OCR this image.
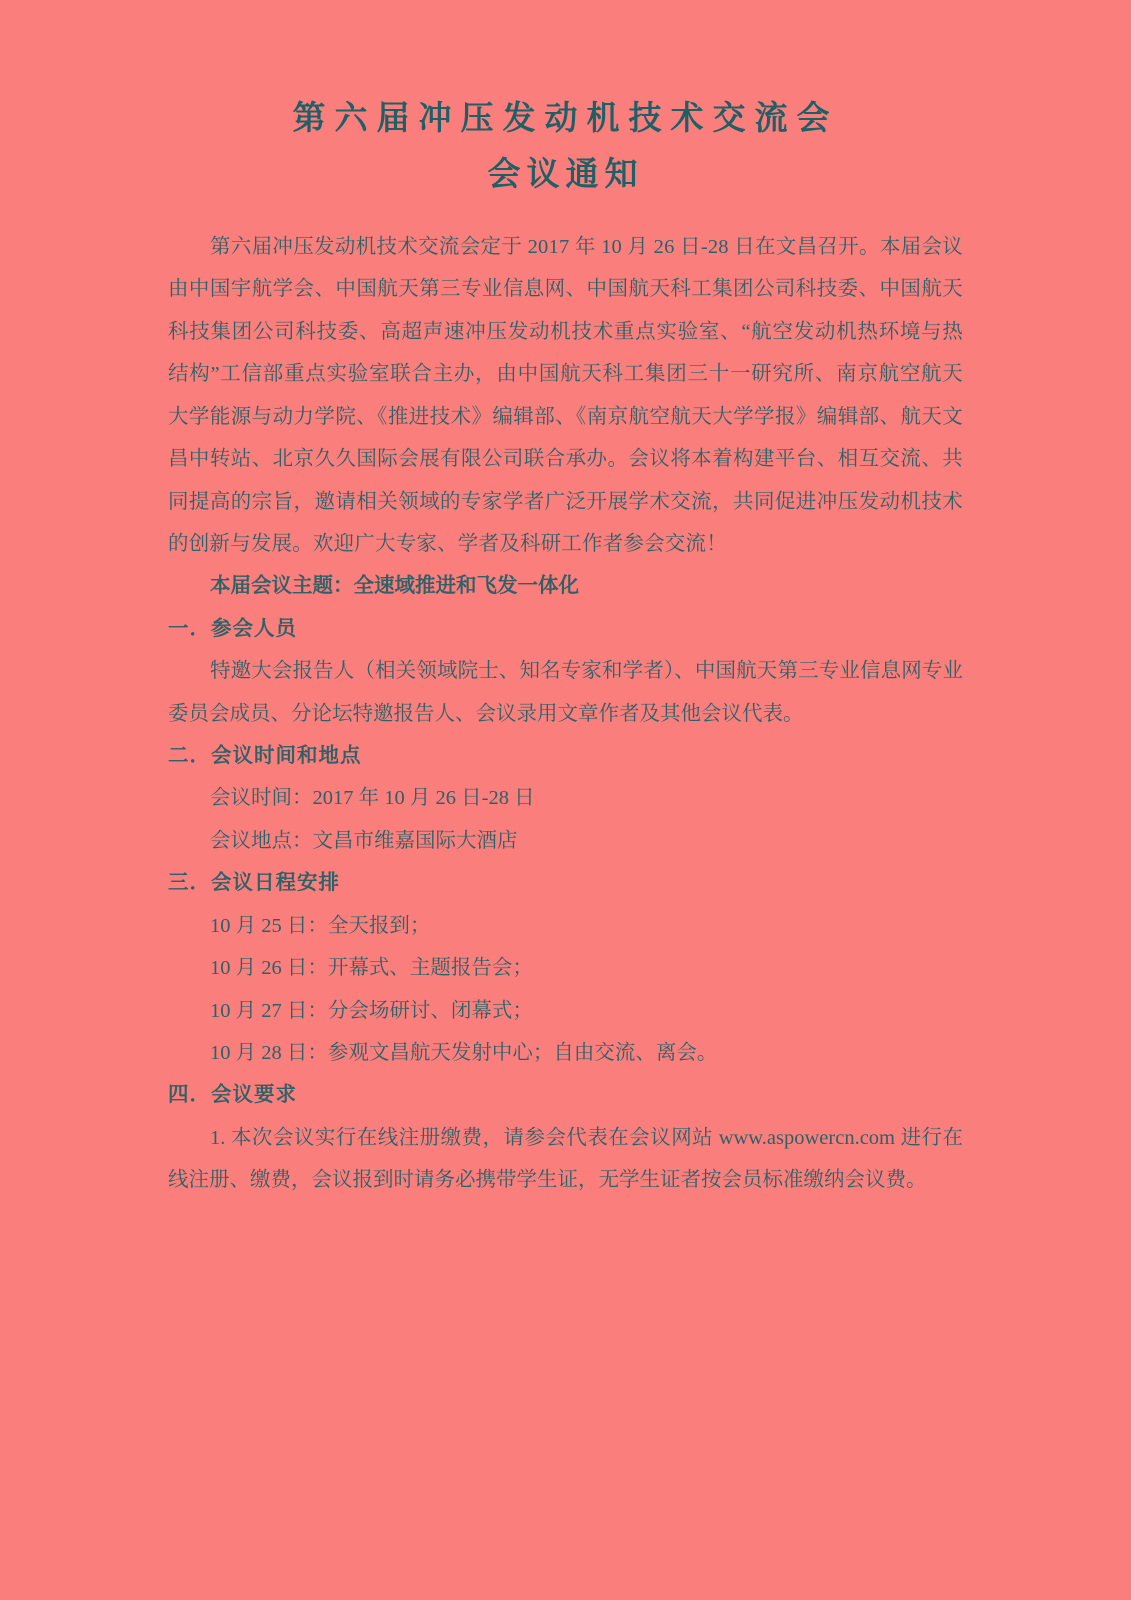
第六届冲压发动机技术交流会
会议通知

第六届冲压发动机技术交流会定于 2017 年 10 月 26 日-28 日在文昌召开。本届会议由中国宇航学会、中国航天第三专业信息网、中国航天科工集团公司科技委、中国航天科技集团公司科技委、高超声速冲压发动机技术重点实验室、“航空发动机热环境与热结构”工信部重点实验室联合主办，由中国航天科工集团三十一研究所、南京航空航天大学能源与动力学院、《推进技术》编辑部、《南京航空航天大学学报》编辑部、航天文昌中转站、北京久久国际会展有限公司联合承办。会议将本着构建平台、相互交流、共同提高的宗旨，邀请相关领域的专家学者广泛开展学术交流，共同促进冲压发动机技术的创新与发展。欢迎广大专家、学者及科研工作者参会交流！

本届会议主题：全速域推进和飞发一体化

一．参会人员

特邀大会报告人（相关领域院士、知名专家和学者）、中国航天第三专业信息网专业委员会成员、分论坛特邀报告人、会议录用文章作者及其他会议代表。

二．会议时间和地点

会议时间：2017 年 10 月 26 日-28 日

会议地点：文昌市维嘉国际大酒店

三．会议日程安排

10 月 25 日：全天报到；

10 月 26 日：开幕式、主题报告会；

10 月 27 日：分会场研讨、闭幕式；

10 月 28 日：参观文昌航天发射中心；自由交流、离会。

四．会议要求

1. 本次会议实行在线注册缴费，请参会代表在会议网站 www.aspowercn.com 进行在线注册、缴费，会议报到时请务必携带学生证，无学生证者按会员标准缴纳会议费。
